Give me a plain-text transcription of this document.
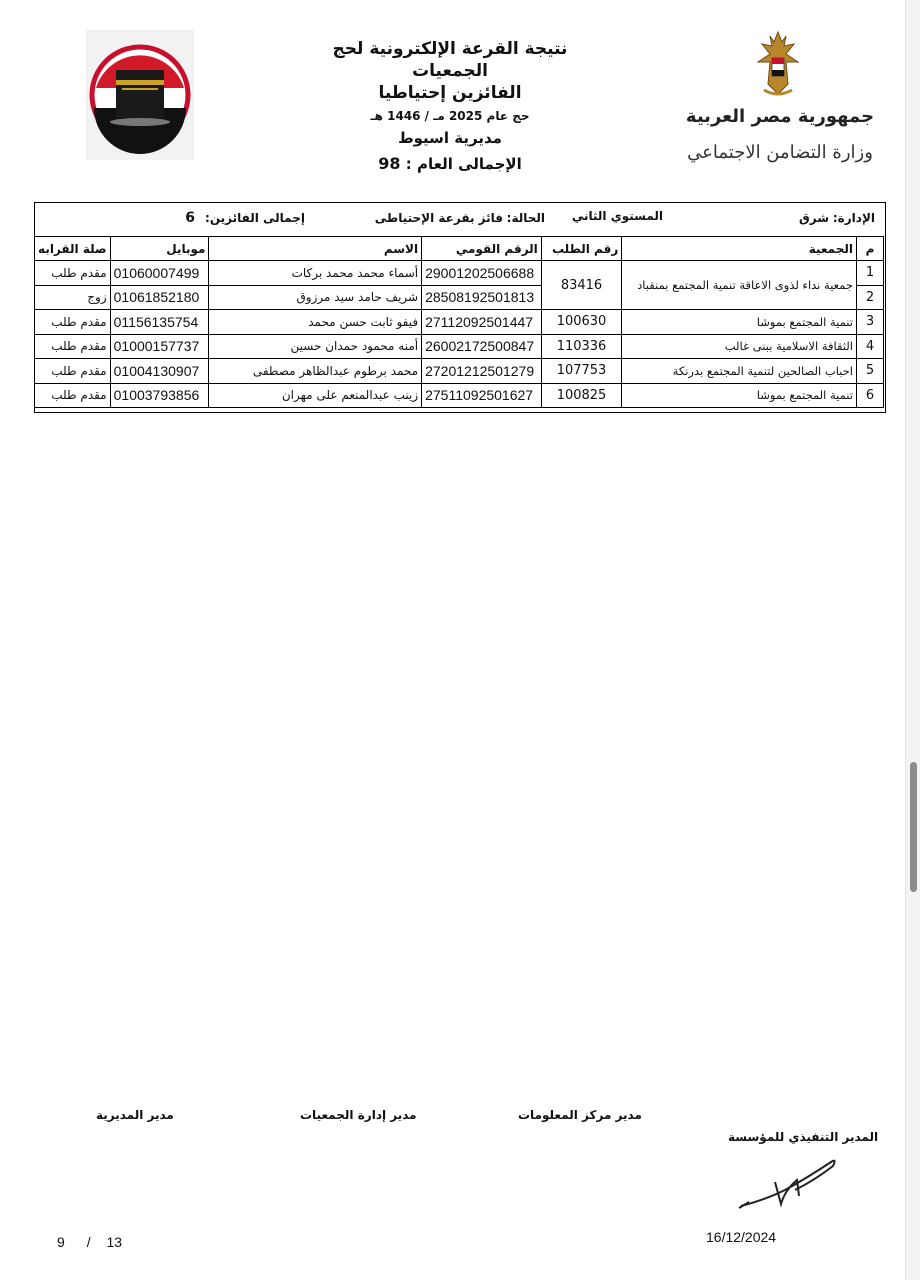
نتيجة القرعة الإلكترونية لحج الجمعيات
الفائزين إحتياطيا
حج عام 2025 مـ / 1446 هـ
مديرية اسيوط
الإجمالى العام : 98
جمهورية مصر العربية
وزارة التضامن الاجتماعي
الإدارة:
شرق
المستوي الثاني
الحالة:
فائز بقرعة الإحتياطى
إجمالى الفائزين:
6
م	الجمعية	رقم الطلب	الرقم القومي	الاسم	موبايل	صلة القرابه
1	جمعية نداء لذوى الاعاقة تنمية المجتمع بمنقباد	83416	29001202506688	أسماء محمد محمد بركات	01060007499	مقدم طلب
2			28508192501813	شريف حامد سيد مرزوق	01061852180	زوج
3	تنمية المجتمع بموشا	100630	27112092501447	فيفو ثابت حسن محمد	01156135754	مقدم طلب
4	الثقافة الاسلامية ببنى غالب	110336	26002172500847	أمنه محمود حمدان حسين	01000157737	مقدم طلب
5	احباب الصالحين لتنمية المجتمع بدرنكة	107753	27201212501279	محمد برطوم عبدالظاهر مصطفى	01004130907	مقدم طلب
6	تنمية المجتمع بموشا	100825	27511092501627	زينب عبدالمنعم على مهران	01003793856	مقدم طلب
مدير المديرية	مدير إدارة الجمعيات	مدير مركز المعلومات
المدير التنفيذي للمؤسسة
16/12/2024
9 / 13
